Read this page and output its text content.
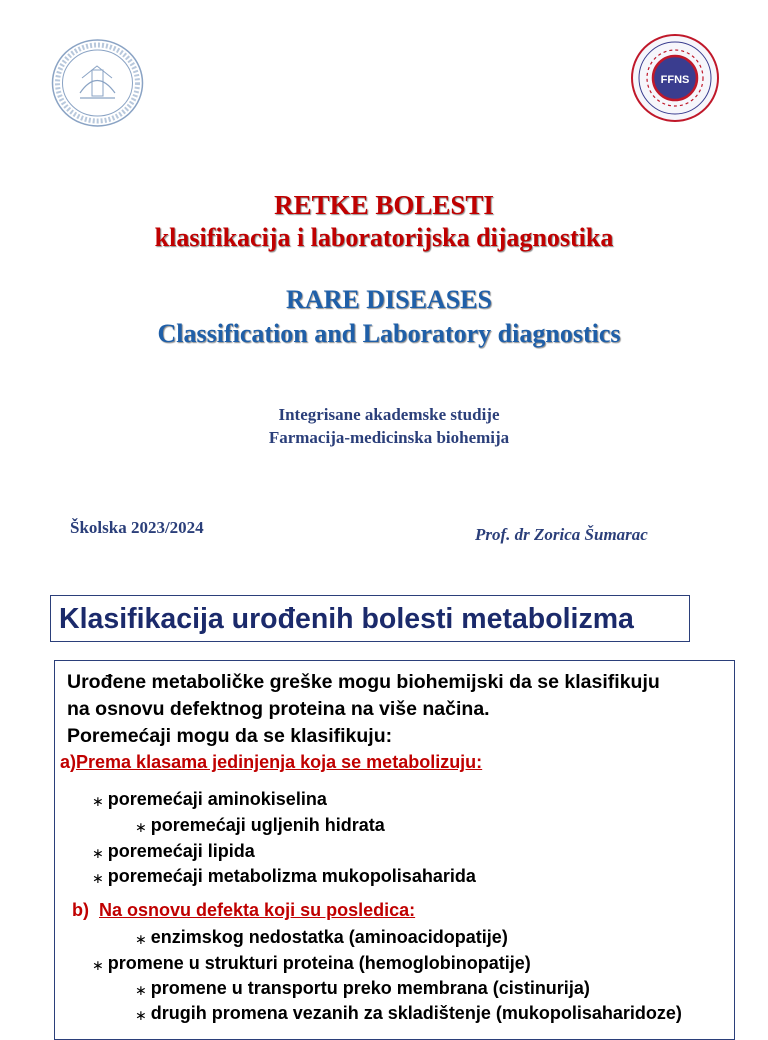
FFNS
RETKE BOLESTI
klasifikacija i laboratorijska dijagnostika
RARE DISEASES
Classification and Laboratory diagnostics
Integrisane akademske studije
Farmacija-medicinska biohemija
Školska 2023/2024	Prof. dr Zorica Šumarac
Klasifikacija urođenih bolesti metabolizma
Urođene metaboličke greške mogu biohemijski da se klasifikuju
na osnovu defektnog proteina na više načina.
Poremećaji mogu da se klasifikuju:
a)Prema klasama jedinjenja koja se metabolizuju:
∗ poremećaji aminokiselina
∗ poremećaji ugljenih hidrata
∗ poremećaji lipida
∗ poremećaji metabolizma mukopolisaharida
b) Na osnovu defekta koji su posledica:
∗ enzimskog nedostatka (aminoacidopatije)
∗ promene u strukturi proteina (hemoglobinopatije)
∗ promene u transportu preko membrana (cistinurija)
∗ drugih promena vezanih za skladištenje (mukopolisaharidoze)
